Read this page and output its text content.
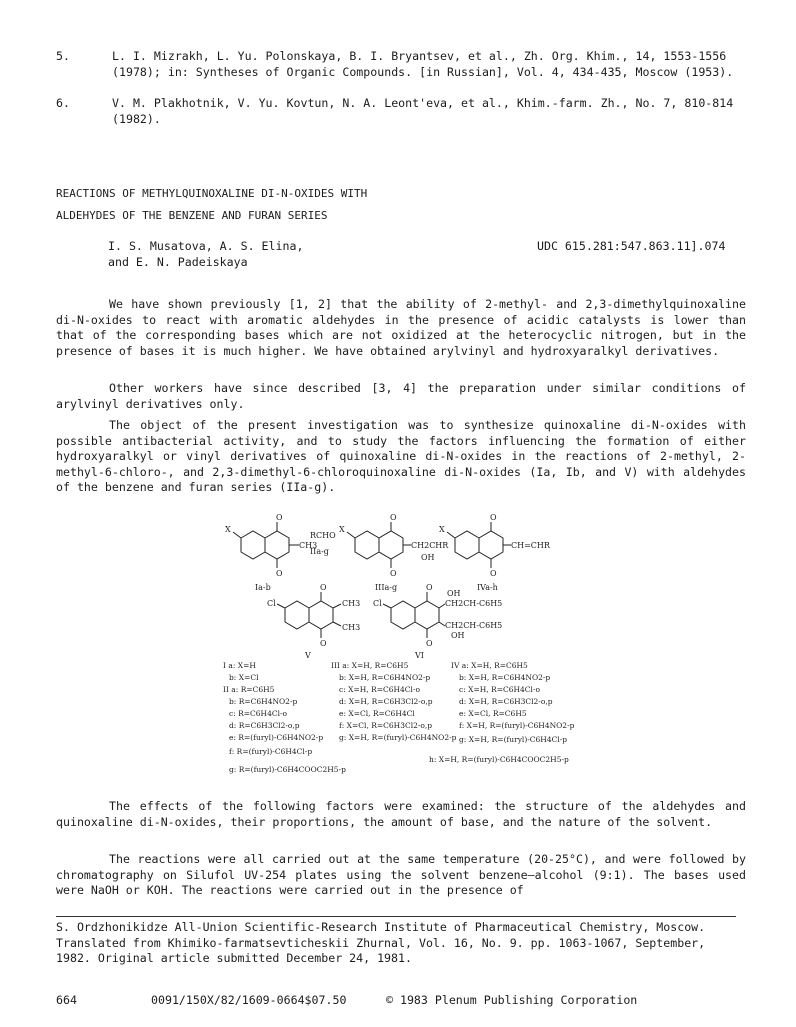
5.	L. I. Mizrakh, L. Yu. Polonskaya, B. I. Bryantsev, et al., Zh. Org. Khim., 14, 1553-1556 (1978); in: Syntheses of Organic Compounds. [in Russian], Vol. 4, 434-435, Moscow (1953).
6.	V. M. Plakhotnik, V. Yu. Kovtun, N. A. Leont'eva, et al., Khim.-farm. Zh., No. 7, 810-814 (1982).
REACTIONS OF METHYLQUINOXALINE DI-N-OXIDES WITH
ALDEHYDES OF THE BENZENE AND FURAN SERIES
I. S. Musatova, A. S. Elina,
and E. N. Padeiskaya
UDC 615.281:547.863.11].074
We have shown previously [1, 2] that the ability of 2-methyl- and 2,3-dimethylquinoxaline di-N-oxides to react with aromatic aldehydes in the presence of acidic catalysts is lower than that of the corresponding bases which are not oxidized at the heterocyclic nitrogen, but in the presence of bases it is much higher. We have obtained arylvinyl and hydroxyaralkyl derivatives.
Other workers have since described [3, 4] the preparation under similar conditions of arylvinyl derivatives only.
The object of the present investigation was to synthesize quinoxaline di-N-oxides with possible antibacterial activity, and to study the factors influencing the formation of either hydroxyaralkyl or vinyl derivatives of quinoxaline di-N-oxides in the reactions of 2-methyl, 2-methyl-6-chloro-, and 2,3-dimethyl-6-chloroquinoxaline di-N-oxides (Ia, Ib, and V) with aldehydes of the benzene and furan series (IIa-g).
O
O
X
CH3
RCHO
IIa-g
Ia-b
O
O
X
CH2CHR
OH
IIIa-g
O
O
X
CH=CHR
IVa-h
Cl
O
O
CH3
CH3
V
Cl
O
O
OH
CH2CH-C6H5
CH2CH-C6H5
OH
VI
I a: X=H
b: X=Cl
II a: R=C6H5
b: R=C6H4NO2-p
c: R=C6H4Cl-o
d: R=C6H3Cl2-o,p
e: R=(furyl)-C6H4NO2-p
f: R=(furyl)-C6H4Cl-p
g: R=(furyl)-C6H4COOC2H5-p
III a: X=H, R=C6H5
b: X=H, R=C6H4NO2-p
c: X=H, R=C6H4Cl-o
d: X=H, R=C6H3Cl2-o,p
e: X=Cl, R=C6H4Cl
f: X=Cl, R=C6H3Cl2-o,p
g: X=H, R=(furyl)-C6H4NO2-p
IV a: X=H, R=C6H5
b: X=H, R=C6H4NO2-p
c: X=H, R=C6H4Cl-o
d: X=H, R=C6H3Cl2-o,p
e: X=Cl, R=C6H5
f: X=H, R=(furyl)-C6H4NO2-p
g: X=H, R=(furyl)-C6H4Cl-p
h: X=H, R=(furyl)-C6H4COOC2H5-p
The effects of the following factors were examined: the structure of the aldehydes and quinoxaline di-N-oxides, their proportions, the amount of base, and the nature of the solvent.
The reactions were all carried out at the same temperature (20-25°C), and were followed by chromatography on Silufol UV-254 plates using the solvent benzene—alcohol (9:1). The bases used were NaOH or KOH. The reactions were carried out in the presence of
S. Ordzhonikidze All-Union Scientific-Research Institute of Pharmaceutical Chemistry, Moscow. Translated from Khimiko-farmatsevticheskii Zhurnal, Vol. 16, No. 9. pp. 1063-1067, September, 1982. Original article submitted December 24, 1981.
664	0091/150X/82/1609-0664$07.50	© 1983 Plenum Publishing Corporation
